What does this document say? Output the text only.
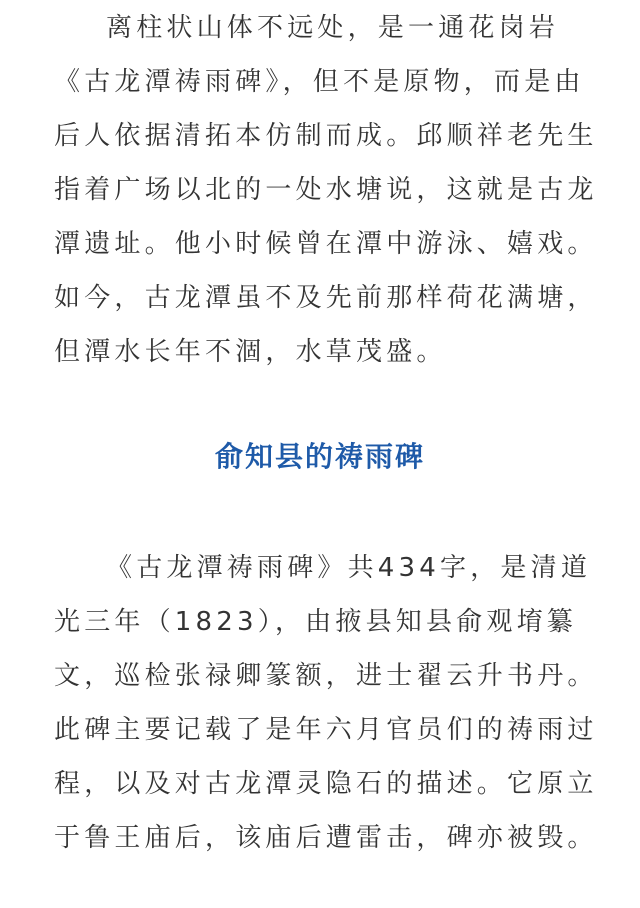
离柱状山体不远处，是一通花岗岩
《古龙潭祷雨碑》，但不是原物，而是由
后人依据清拓本仿制而成。邱顺祥老先生
指着广场以北的一处水塘说，这就是古龙
潭遗址。他小时候曾在潭中游泳、嬉戏。
如今，古龙潭虽不及先前那样荷花满塘，
但潭水长年不涸，水草茂盛。
俞知县的祷雨碑
《古龙潭祷雨碑》共434字，是清道
光三年（1823），由掖县知县俞观堉纂
文，巡检张禄卿篆额，进士翟云升书丹。
此碑主要记载了是年六月官员们的祷雨过
程，以及对古龙潭灵隐石的描述。它原立
于鲁王庙后，该庙后遭雷击，碑亦被毁。
